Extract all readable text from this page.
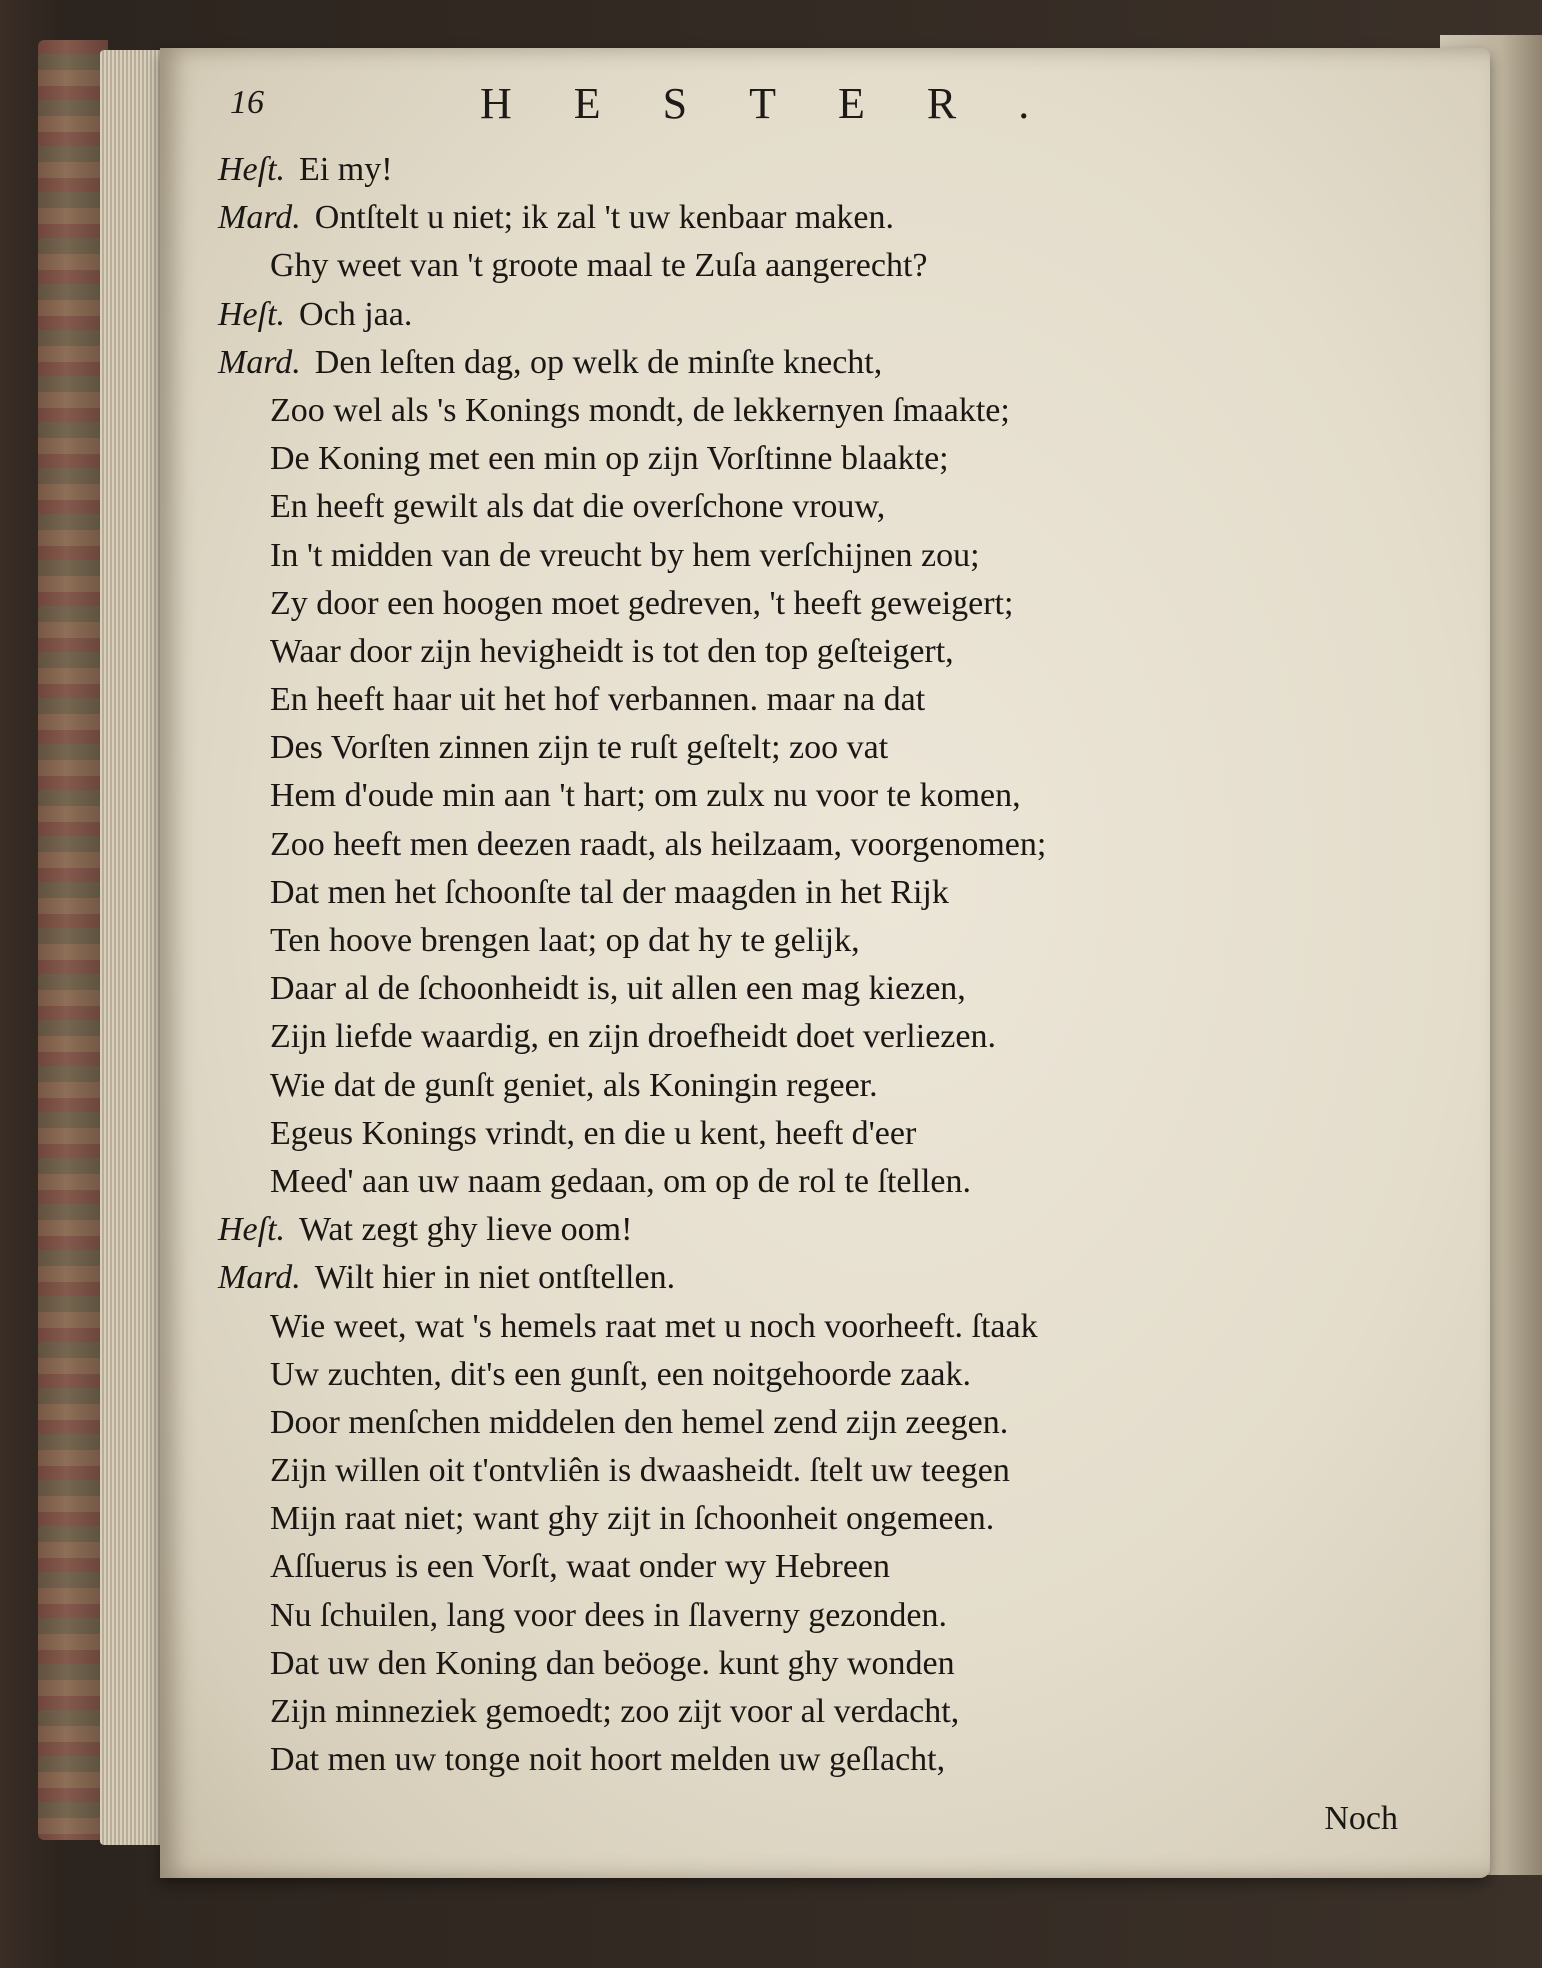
16	HESTER.
Heſt. Ei my!
Mard. Ontſtelt u niet; ik zal 't uw kenbaar maken.
Ghy weet van 't groote maal te Zuſa aangerecht?
Heſt. Och jaa.
Mard. Den leſten dag, op welk de minſte knecht,
Zoo wel als 's Konings mondt, de lekkernyen ſmaakte;
De Koning met een min op zijn Vorſtinne blaakte;
En heeft gewilt als dat die overſchone vrouw,
In 't midden van de vreucht by hem verſchijnen zou;
Zy door een hoogen moet gedreven, 't heeft geweigert;
Waar door zijn hevigheidt is tot den top geſteigert,
En heeft haar uit het hof verbannen. maar na dat
Des Vorſten zinnen zijn te ruſt geſtelt; zoo vat
Hem d'oude min aan 't hart; om zulx nu voor te komen,
Zoo heeft men deezen raadt, als heilzaam, voorgenomen;
Dat men het ſchoonſte tal der maagden in het Rijk
Ten hoove brengen laat; op dat hy te gelijk,
Daar al de ſchoonheidt is, uit allen een mag kiezen,
Zijn liefde waardig, en zijn droefheidt doet verliezen.
Wie dat de gunſt geniet, als Koningin regeer.
Egeus Konings vrindt, en die u kent, heeft d'eer
Meed' aan uw naam gedaan, om op de rol te ſtellen.
Heſt. Wat zegt ghy lieve oom!
Mard. Wilt hier in niet ontſtellen.
Wie weet, wat 's hemels raat met u noch voorheeft. ſtaak
Uw zuchten, dit's een gunſt, een noitgehoorde zaak.
Door menſchen middelen den hemel zend zijn zeegen.
Zijn willen oit t'ontvliên is dwaasheidt. ſtelt uw teegen
Mijn raat niet; want ghy zijt in ſchoonheit ongemeen.
Aſſuerus is een Vorſt, waat onder wy Hebreen
Nu ſchuilen, lang voor dees in ſlaverny gezonden.
Dat uw den Koning dan beöoge. kunt ghy wonden
Zijn minneziek gemoedt; zoo zijt voor al verdacht,
Dat men uw tonge noit hoort melden uw geſlacht,
Noch
